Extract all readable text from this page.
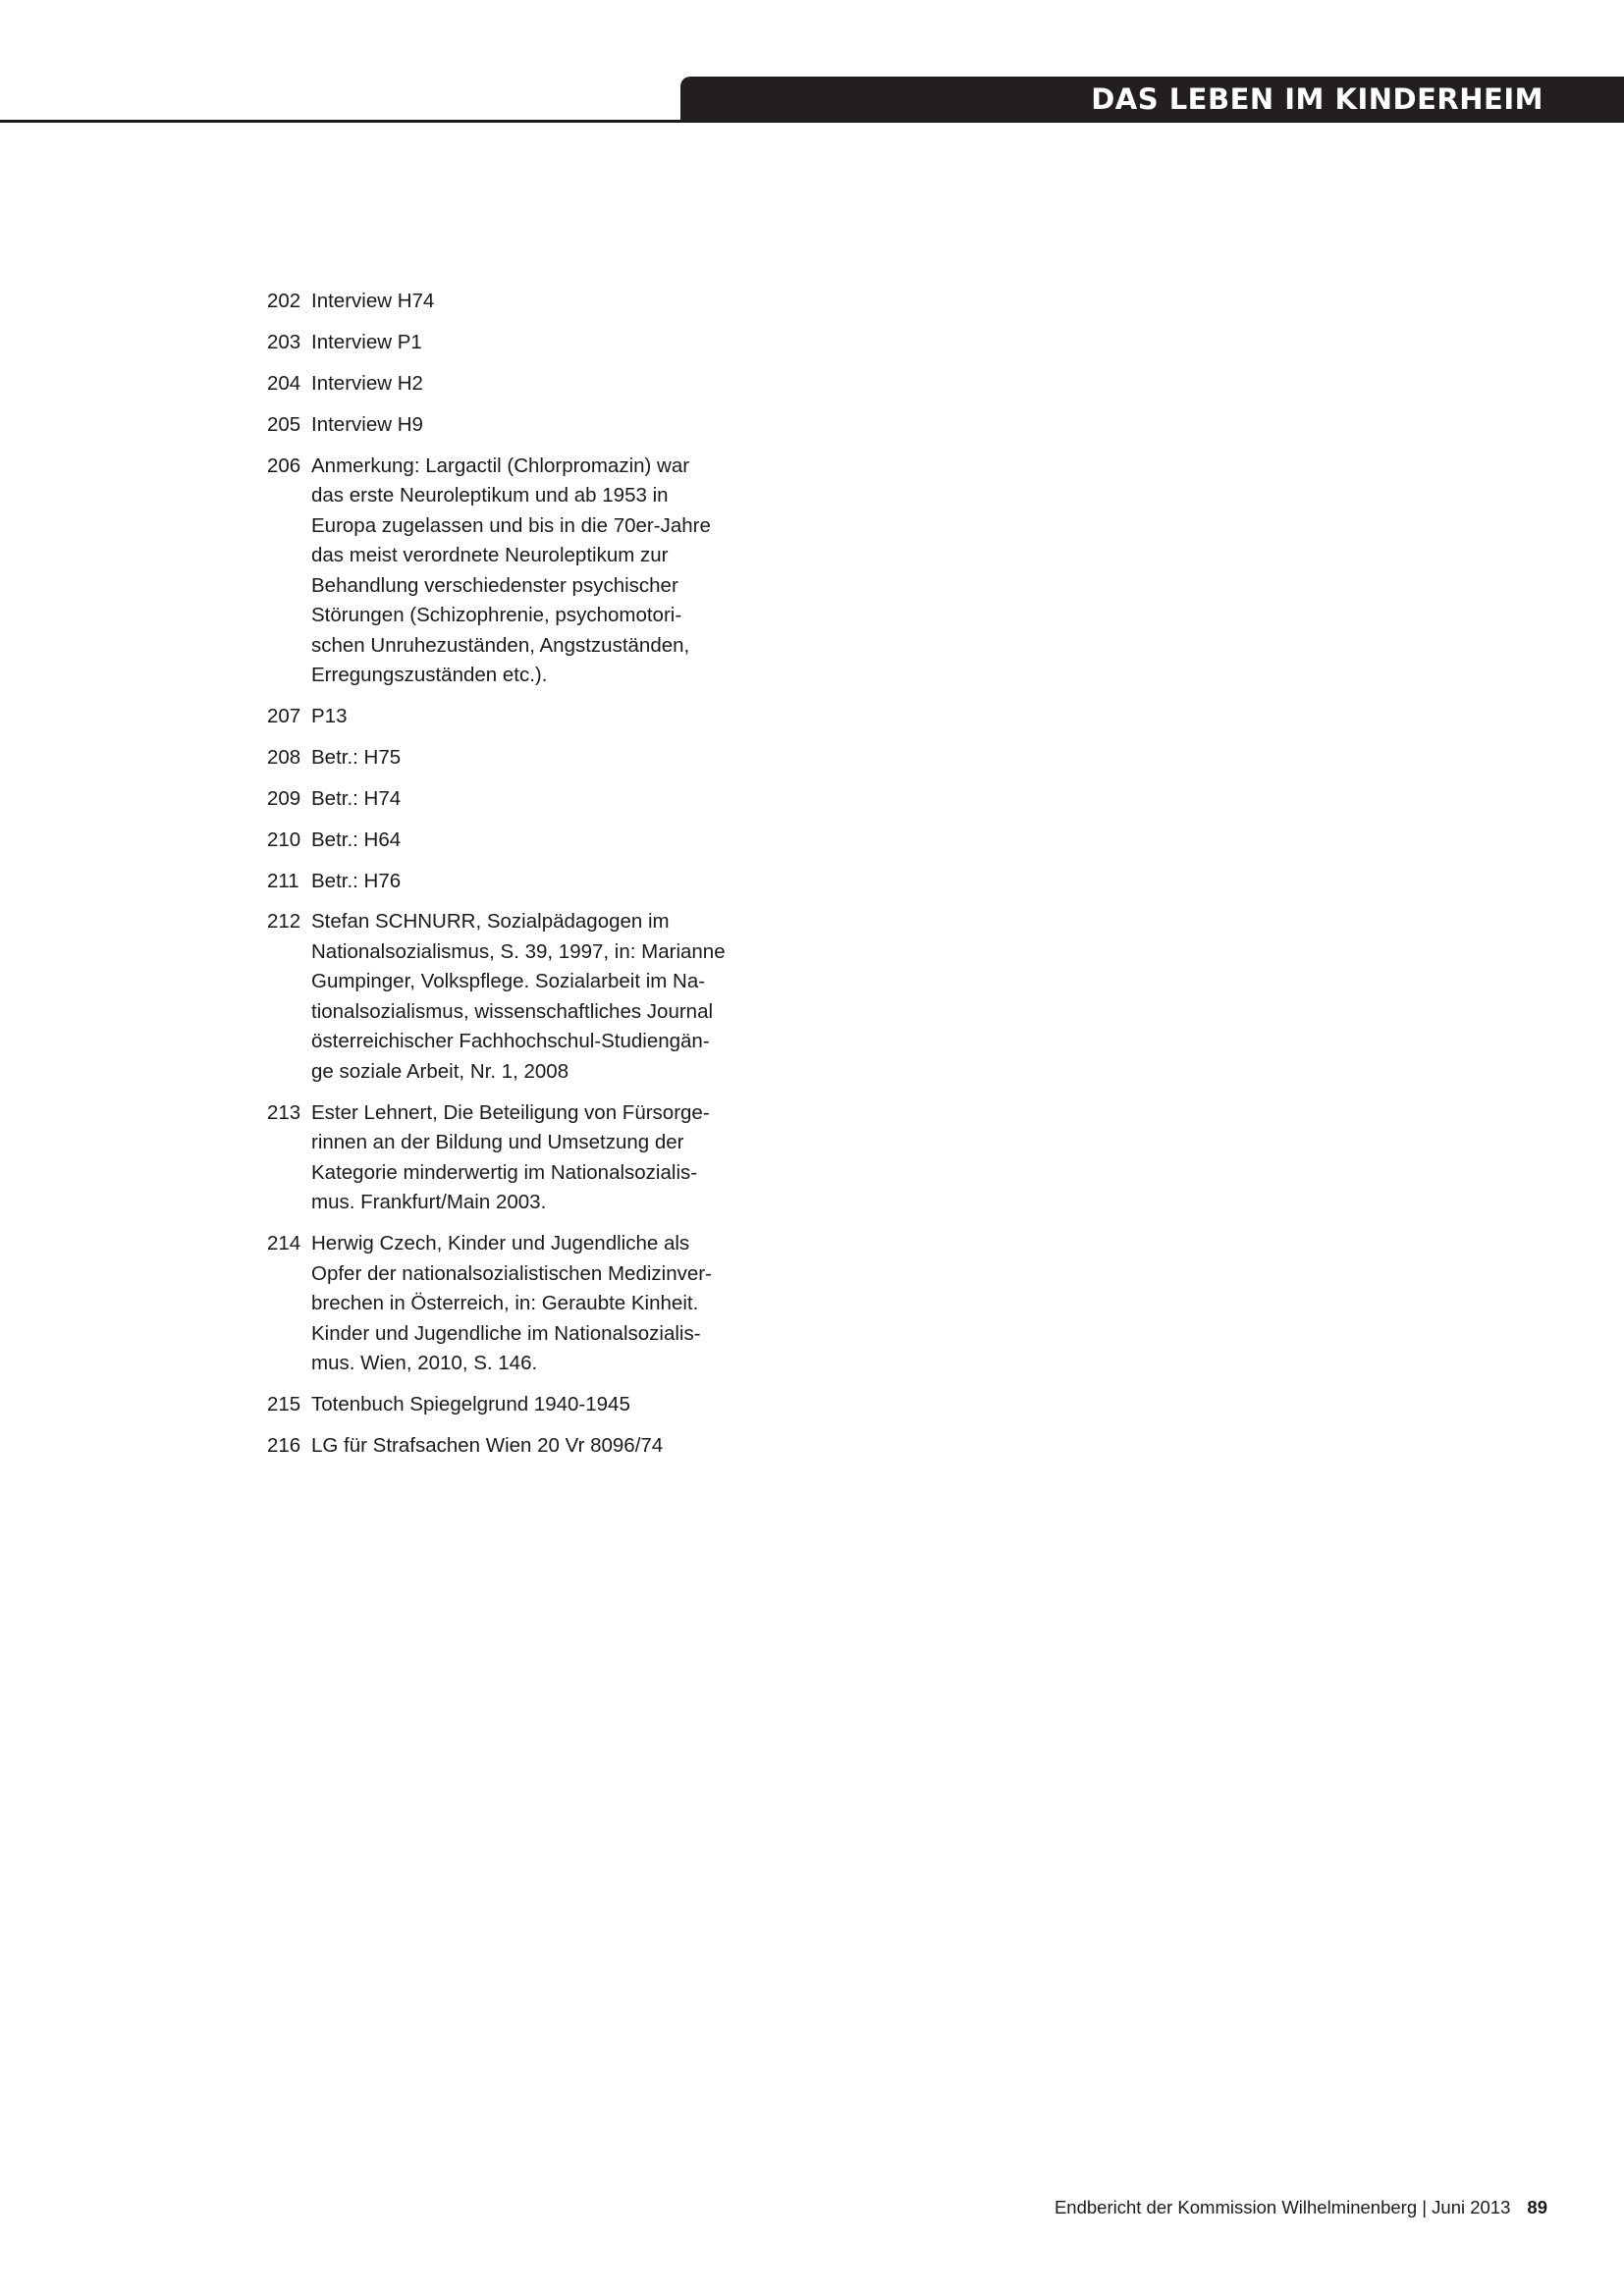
DAS LEBEN IM KINDERHEIM
202 Interview H74
203 Interview P1
204 Interview H2
205 Interview H9
206 Anmerkung: Largactil (Chlorpromazin) war
das erste Neuroleptikum und ab 1953 in
Europa zugelassen und bis in die 70er-Jahre
das meist verordnete Neuroleptikum zur
Behandlung verschiedenster psychischer
Störungen (Schizophrenie, psychomotori-
schen Unruhezuständen, Angstzuständen,
Erregungszuständen etc.).
207 P13
208 Betr.: H75
209 Betr.: H74
210 Betr.: H64
211 Betr.: H76
212 Stefan SCHNURR, Sozialpädagogen im
Nationalsozialismus, S. 39, 1997, in: Marianne
Gumpinger, Volkspflege. Sozialarbeit im Na-
tionalsozialismus, wissenschaftliches Journal
österreichischer Fachhochschul-Studiengän-
ge soziale Arbeit, Nr. 1, 2008
213 Ester Lehnert, Die Beteiligung von Fürsorge-
rinnen an der Bildung und Umsetzung der
Kategorie minderwertig im Nationalsozialis-
mus. Frankfurt/Main 2003.
214 Herwig Czech, Kinder und Jugendliche als
Opfer der nationalsozialistischen Medizinver-
brechen in Österreich, in: Geraubte Kinheit.
Kinder und Jugendliche im Nationalsozialis-
mus. Wien, 2010, S. 146.
215 Totenbuch Spiegelgrund 1940-1945
216 LG für Strafsachen Wien 20 Vr 8096/74
Endbericht der Kommission Wilhelminenberg | Juni 2013 89
